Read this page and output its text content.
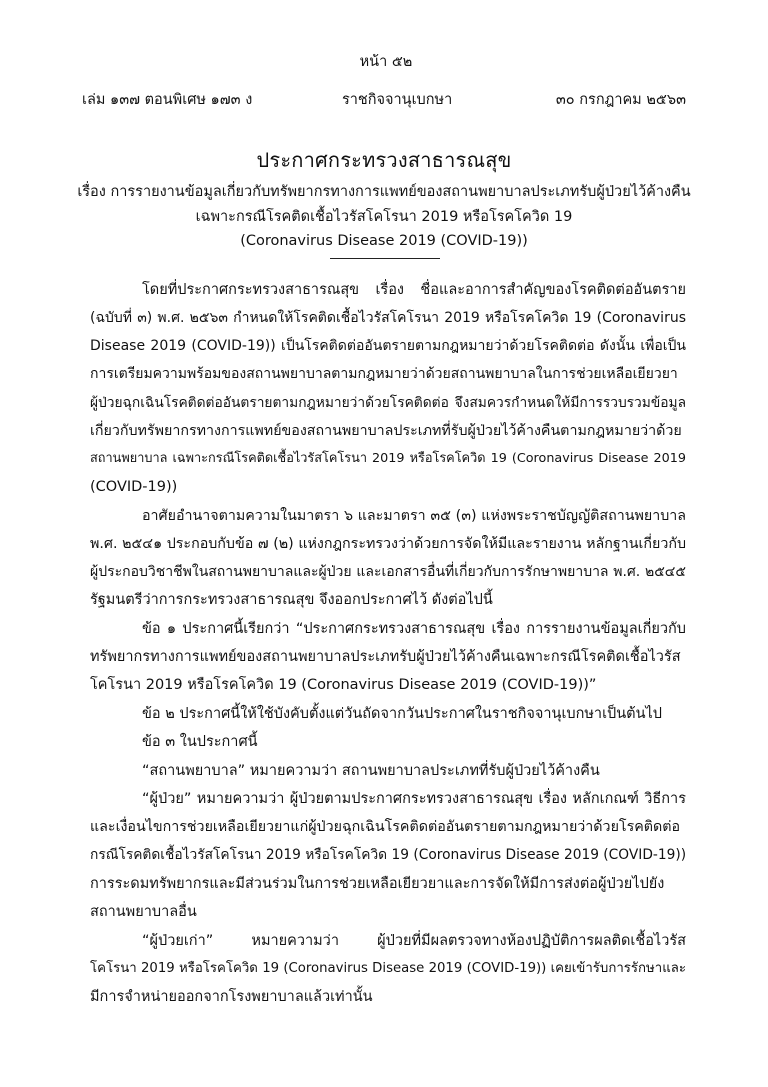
หน้า ๕๒
เล่ม ๑๓๗ ตอนพิเศษ ๑๗๓ ง	ราชกิจจานุเบกษา	๓๐ กรกฎาคม ๒๕๖๓
ประกาศกระทรวงสาธารณสุข
เรื่อง การรายงานข้อมูลเกี่ยวกับทรัพยากรทางการแพทย์ของสถานพยาบาลประเภทรับผู้ป่วยไว้ค้างคืน
เฉพาะกรณีโรคติดเชื้อไวรัสโคโรนา 2019 หรือโรคโควิด 19
(Coronavirus Disease 2019 (COVID-19))
โดยที่ประกาศกระทรวงสาธารณสุข เรื่อง ชื่อและอาการสำคัญของโรคติดต่ออันตราย
(ฉบับที่ ๓) พ.ศ. ๒๕๖๓ กำหนดให้โรคติดเชื้อไวรัสโคโรนา 2019 หรือโรคโควิด 19 (Coronavirus
Disease 2019 (COVID-19)) เป็นโรคติดต่ออันตรายตามกฎหมายว่าด้วยโรคติดต่อ ดังนั้น เพื่อเป็น
การเตรียมความพร้อมของสถานพยาบาลตามกฎหมายว่าด้วยสถานพยาบาลในการช่วยเหลือเยียวยา
ผู้ป่วยฉุกเฉินโรคติดต่ออันตรายตามกฎหมายว่าด้วยโรคติดต่อ จึงสมควรกำหนดให้มีการรวบรวมข้อมูล
เกี่ยวกับทรัพยากรทางการแพทย์ของสถานพยาบาลประเภทที่รับผู้ป่วยไว้ค้างคืนตามกฎหมายว่าด้วย
สถานพยาบาล เฉพาะกรณีโรคติดเชื้อไวรัสโคโรนา 2019 หรือโรคโควิด 19 (Coronavirus Disease 2019
(COVID-19))
อาศัยอำนาจตามความในมาตรา ๖ และมาตรา ๓๕ (๓) แห่งพระราชบัญญัติสถานพยาบาล
พ.ศ. ๒๕๔๑ ประกอบกับข้อ ๗ (๒) แห่งกฎกระทรวงว่าด้วยการจัดให้มีและรายงาน หลักฐานเกี่ยวกับ
ผู้ประกอบวิชาชีพในสถานพยาบาลและผู้ป่วย และเอกสารอื่นที่เกี่ยวกับการรักษาพยาบาล พ.ศ. ๒๕๔๕
รัฐมนตรีว่าการกระทรวงสาธารณสุข จึงออกประกาศไว้ ดังต่อไปนี้
ข้อ ๑ ประกาศนี้เรียกว่า “ประกาศกระทรวงสาธารณสุข เรื่อง การรายงานข้อมูลเกี่ยวกับ
ทรัพยากรทางการแพทย์ของสถานพยาบาลประเภทรับผู้ป่วยไว้ค้างคืนเฉพาะกรณีโรคติดเชื้อไวรัส
โคโรนา 2019 หรือโรคโควิด 19 (Coronavirus Disease 2019 (COVID-19))”
ข้อ ๒ ประกาศนี้ให้ใช้บังคับตั้งแต่วันถัดจากวันประกาศในราชกิจจานุเบกษาเป็นต้นไป
ข้อ ๓ ในประกาศนี้
“สถานพยาบาล” หมายความว่า สถานพยาบาลประเภทที่รับผู้ป่วยไว้ค้างคืน
“ผู้ป่วย” หมายความว่า ผู้ป่วยตามประกาศกระทรวงสาธารณสุข เรื่อง หลักเกณฑ์ วิธีการ
และเงื่อนไขการช่วยเหลือเยียวยาแก่ผู้ป่วยฉุกเฉินโรคติดต่ออันตรายตามกฎหมายว่าด้วยโรคติดต่อ
กรณีโรคติดเชื้อไวรัสโคโรนา 2019 หรือโรคโควิด 19 (Coronavirus Disease 2019 (COVID-19))
การระดมทรัพยากรและมีส่วนร่วมในการช่วยเหลือเยียวยาและการจัดให้มีการส่งต่อผู้ป่วยไปยัง
สถานพยาบาลอื่น
“ผู้ป่วยเก่า” หมายความว่า ผู้ป่วยที่มีผลตรวจทางห้องปฏิบัติการผลติดเชื้อไวรัส
โคโรนา 2019 หรือโรคโควิด 19 (Coronavirus Disease 2019 (COVID-19)) เคยเข้ารับการรักษาและ
มีการจำหน่ายออกจากโรงพยาบาลแล้วเท่านั้น
